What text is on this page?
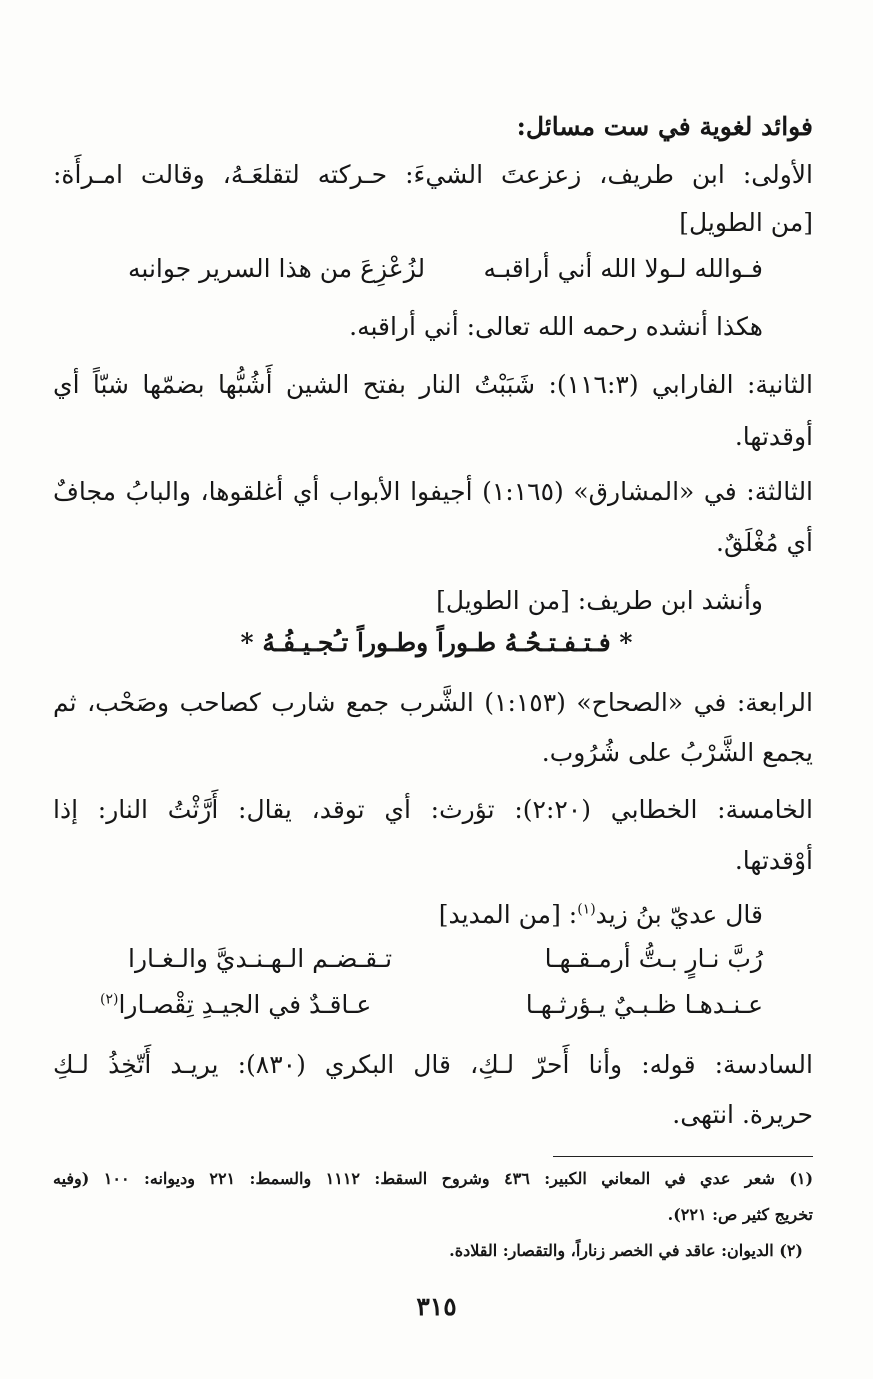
فوائد لغوية في ست مسائل:
الأولى: ابن طريف، زعزعتَ الشيءَ: حـركته لتقلعَـهُ، وقالت امـرأَة:
[من الطويل]
فـوالله لـولا الله أني أراقبـه
لزُعْزِعَ من هذا السرير جوانبه
هكذا أنشده رحمه الله تعالى: أني أراقبه.
الثانية: الفارابي (١١٦:٣): شَبَبْتُ النار بفتح الشين أَشُبُّها بضمّها شبّاً أي
أوقدتها.
الثالثة: في «المشارق» (١:١٦٥) أجيفوا الأبواب أي أغلقوها، والبابُ مجافٌ
أي مُغْلَقٌ.
وأنشد ابن طريف: [من الطويل]
* فـتـفـتـحُـهُ طـوراً وطـوراً تـُجـيـفُـهُ *
الرابعة: في «الصحاح» (١:١٥٣) الشَّرب جمع شارب كصاحب وصَحْب، ثم
يجمع الشَّرْبُ على شُرُوب.
الخامسة: الخطابي (٢:٢٠): تؤرث: أي توقد، يقال: أَرَّثْتُ النار: إذا
أوْقدتها.
قال عديّ بنُ زيد$^{(١)}$: [من المديد]
رُبَّ نـارٍ بـتُّ أرمـقـهـا
تـقـضـم الـهـنـديَّ والـغـارا
عـنـدهـا ظـبـيٌ يـؤرثـهـا
عـاقـدٌ في الجيـدِ تِقْصـارا$^{(٢)}$
السادسة: قوله: وأنا أَحرّ لـكِ، قال البكري (٨٣٠): يريـد أَتّخِذُ لـكِ
حريرة. انتهى.
(١) شعر عدي في المعاني الكبير: ٤٣٦ وشروح السقط: ١١١٢ والسمط: ٢٢١ وديوانه: ١٠٠ (وفيه
تخريج كثير ص: ٢٢١).
(٢) الديوان: عاقد في الخصر زناراً، والتقصار: القلادة.
٣١٥
